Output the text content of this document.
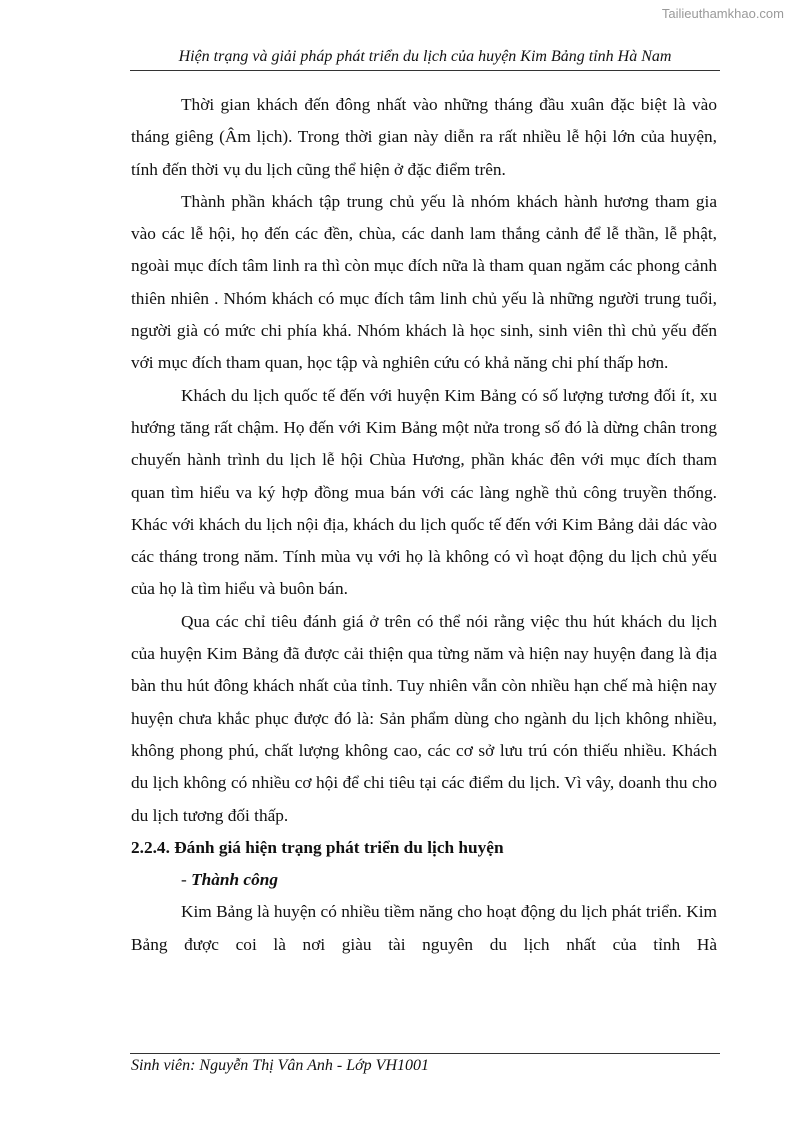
Tailieuthamkhao.com
Hiện trạng và giải pháp phát triển du lịch của huyện Kim Bảng tỉnh Hà Nam

Thời gian khách đến đông nhất vào những tháng đầu xuân đặc biệt là vào tháng giêng (Âm lịch). Trong thời gian này diễn ra rất nhiều lễ hội lớn của huyện, tính đến thời vụ du lịch cũng thể hiện ở đặc điểm trên.

Thành phần khách tập trung chủ yếu là nhóm khách hành hương tham gia vào các lễ hội, họ đến các đền, chùa, các danh lam thắng cảnh để lễ thần, lễ phật, ngoài mục đích tâm linh ra thì còn mục đích nữa là tham quan ngăm các phong cảnh thiên nhiên . Nhóm khách có mục đích tâm linh chủ yếu là những người trung tuổi, người già có mức chi phía khá. Nhóm khách là học sinh, sinh viên thì chủ yếu đến với mục đích tham quan, học tập và nghiên cứu có khả năng chi phí thấp hơn.

Khách du lịch quốc tế đến với huyện Kim Bảng có số lượng tương đối ít, xu hướng tăng rất chậm. Họ đến với Kim Bảng một nửa trong số đó là dừng chân trong chuyến hành trình du lịch lễ hội Chùa Hương, phần khác đên với mục đích tham quan tìm hiểu va ký hợp đồng mua bán với các làng nghề thủ công truyền thống. Khác với khách du lịch nội địa, khách du lịch quốc tế đến với Kim Bảng dải dác vào các tháng trong năm. Tính mùa vụ với họ là không có vì hoạt động du lịch chủ yếu của họ là tìm hiểu và buôn bán.

Qua các chỉ tiêu đánh giá ở trên có thể nói rằng việc thu hút khách du lịch của huyện Kim Bảng đã được cải thiện qua từng năm và hiện nay huyện đang là địa bàn thu hút đông khách nhất của tỉnh. Tuy nhiên vẫn còn nhiều hạn chế mà hiện nay huyện chưa khắc phục được đó là: Sản phẩm dùng cho ngành du lịch không nhiều, không phong phú, chất lượng không cao, các cơ sở lưu trú cón thiếu nhiều. Khách du lịch không có nhiều cơ hội để chi tiêu tại các điểm du lịch. Vì vây, doanh thu cho du lịch tương đối thấp.

2.2.4. Đánh giá hiện trạng phát triển du lịch huyện

- Thành công

Kim Bảng là huyện có nhiều tiềm năng cho hoạt động du lịch phát triển. Kim Bảng được coi là nơi giàu tài nguyên du lịch nhất của tỉnh Hà

Sinh viên: Nguyễn Thị Vân Anh - Lớp VH1001
